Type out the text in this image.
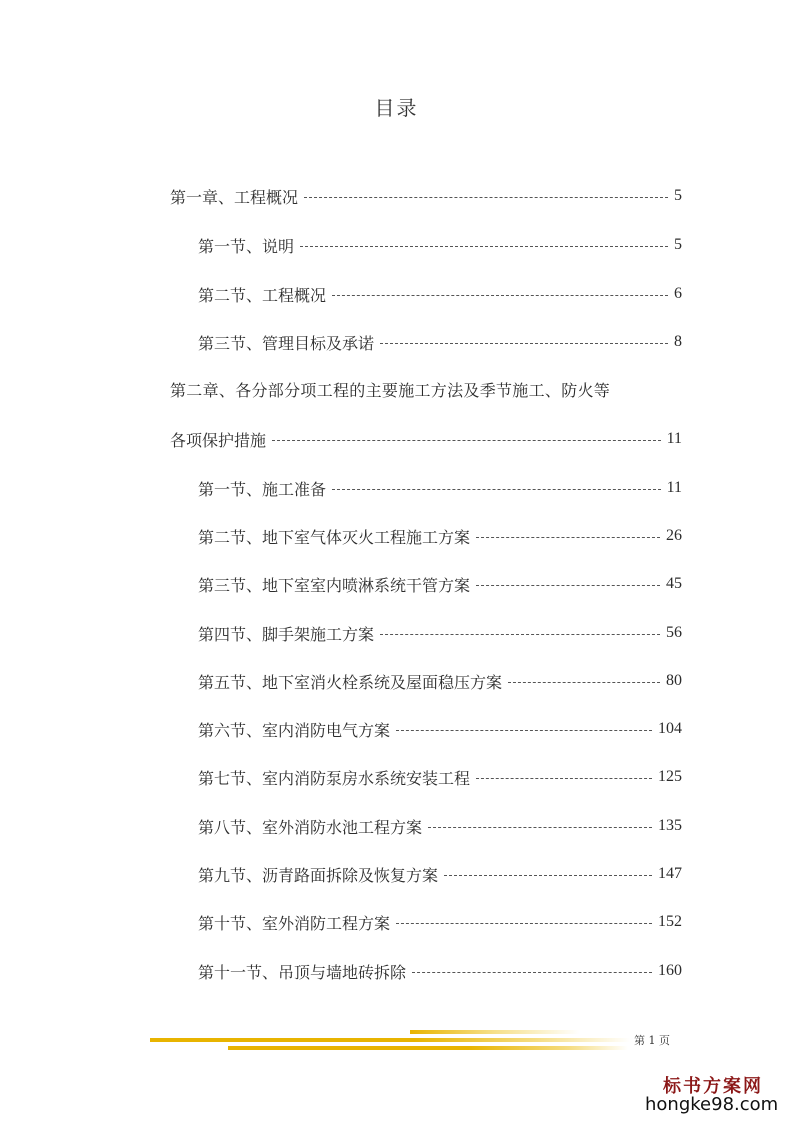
目录
第一章、工程概况	5
第一节、说明	5
第二节、工程概况	6
第三节、管理目标及承诺	8
第二章、各分部分项工程的主要施工方法及季节施工、防火等
各项保护措施	11
第一节、施工准备	11
第二节、地下室气体灭火工程施工方案	26
第三节、地下室室内喷淋系统干管方案	45
第四节、脚手架施工方案	56
第五节、地下室消火栓系统及屋面稳压方案	80
第六节、室内消防电气方案	104
第七节、室内消防泵房水系统安装工程	125
第八节、室外消防水池工程方案	135
第九节、沥青路面拆除及恢复方案	147
第十节、室外消防工程方案	152
第十一节、吊顶与墙地砖拆除	160
第 1 页
标书方案网
hongke98.com
